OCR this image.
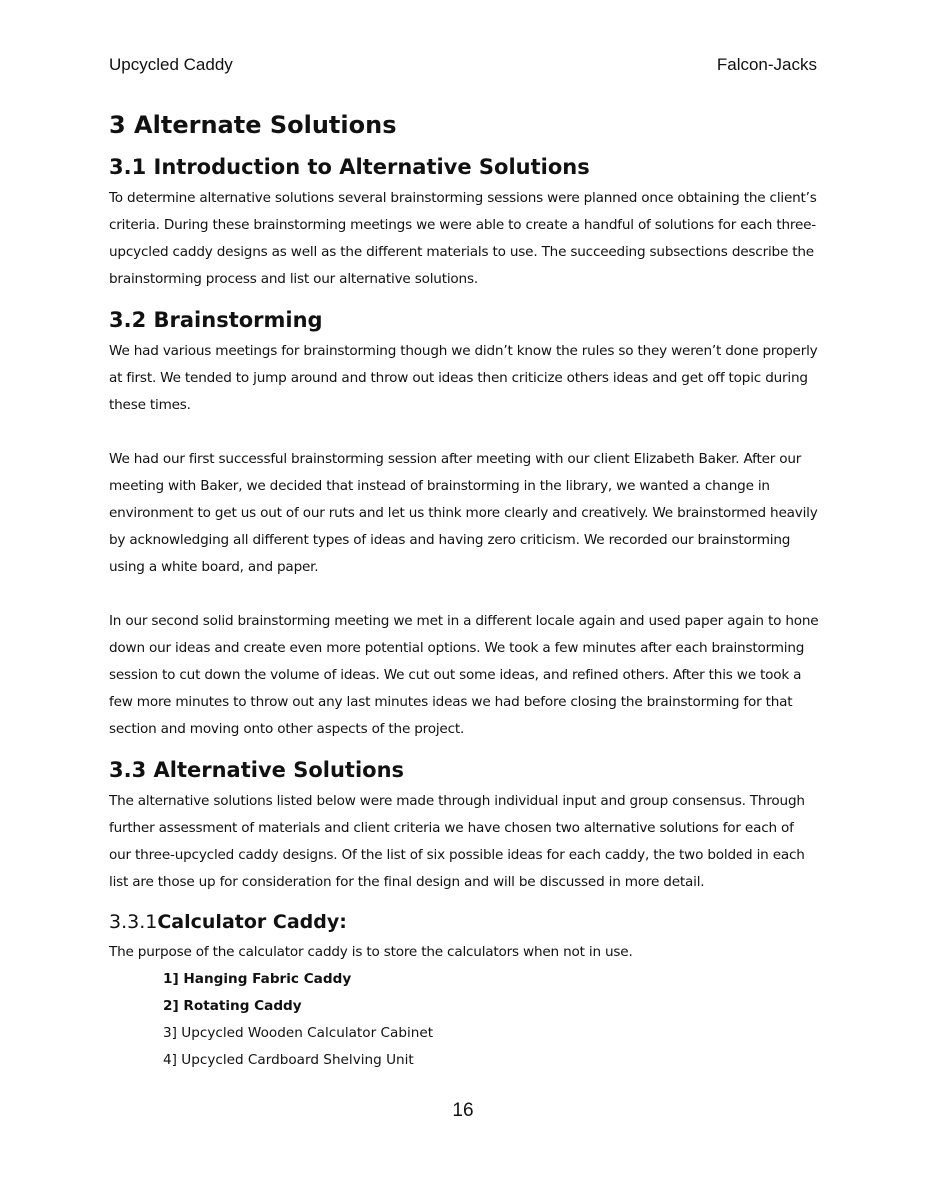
Upcycled Caddy	Falcon-Jacks
3 Alternate Solutions
3.1 Introduction to Alternative Solutions

To determine alternative solutions several brainstorming sessions were planned once obtaining the client’s criteria. During these brainstorming meetings we were able to create a handful of solutions for each three-upcycled caddy designs as well as the different materials to use. The succeeding subsections describe the brainstorming process and list our alternative solutions.

3.2 Brainstorming

We had various meetings for brainstorming though we didn’t know the rules so they weren’t done properly at first. We tended to jump around and throw out ideas then criticize others ideas and get off topic during these times.

We had our first successful brainstorming session after meeting with our client Elizabeth Baker. After our meeting with Baker, we decided that instead of brainstorming in the library, we wanted a change in environment to get us out of our ruts and let us think more clearly and creatively. We brainstormed heavily by acknowledging all different types of ideas and having zero criticism. We recorded our brainstorming using a white board, and paper.

In our second solid brainstorming meeting we met in a different locale again and used paper again to hone down our ideas and create even more potential options. We took a few minutes after each brainstorming session to cut down the volume of ideas. We cut out some ideas, and refined others. After this we took a few more minutes to throw out any last minutes ideas we had before closing the brainstorming for that section and moving onto other aspects of the project.

3.3 Alternative Solutions

The alternative solutions listed below were made through individual input and group consensus. Through further assessment of materials and client criteria we have chosen two alternative solutions for each of our three-upcycled caddy designs. Of the list of six possible ideas for each caddy, the two bolded in each list are those up for consideration for the final design and will be discussed in more detail.

3.3.1Calculator Caddy:

The purpose of the calculator caddy is to store the calculators when not in use.

1] Hanging Fabric Caddy
2] Rotating Caddy
3] Upcycled Wooden Calculator Cabinet
4] Upcycled Cardboard Shelving Unit
16
